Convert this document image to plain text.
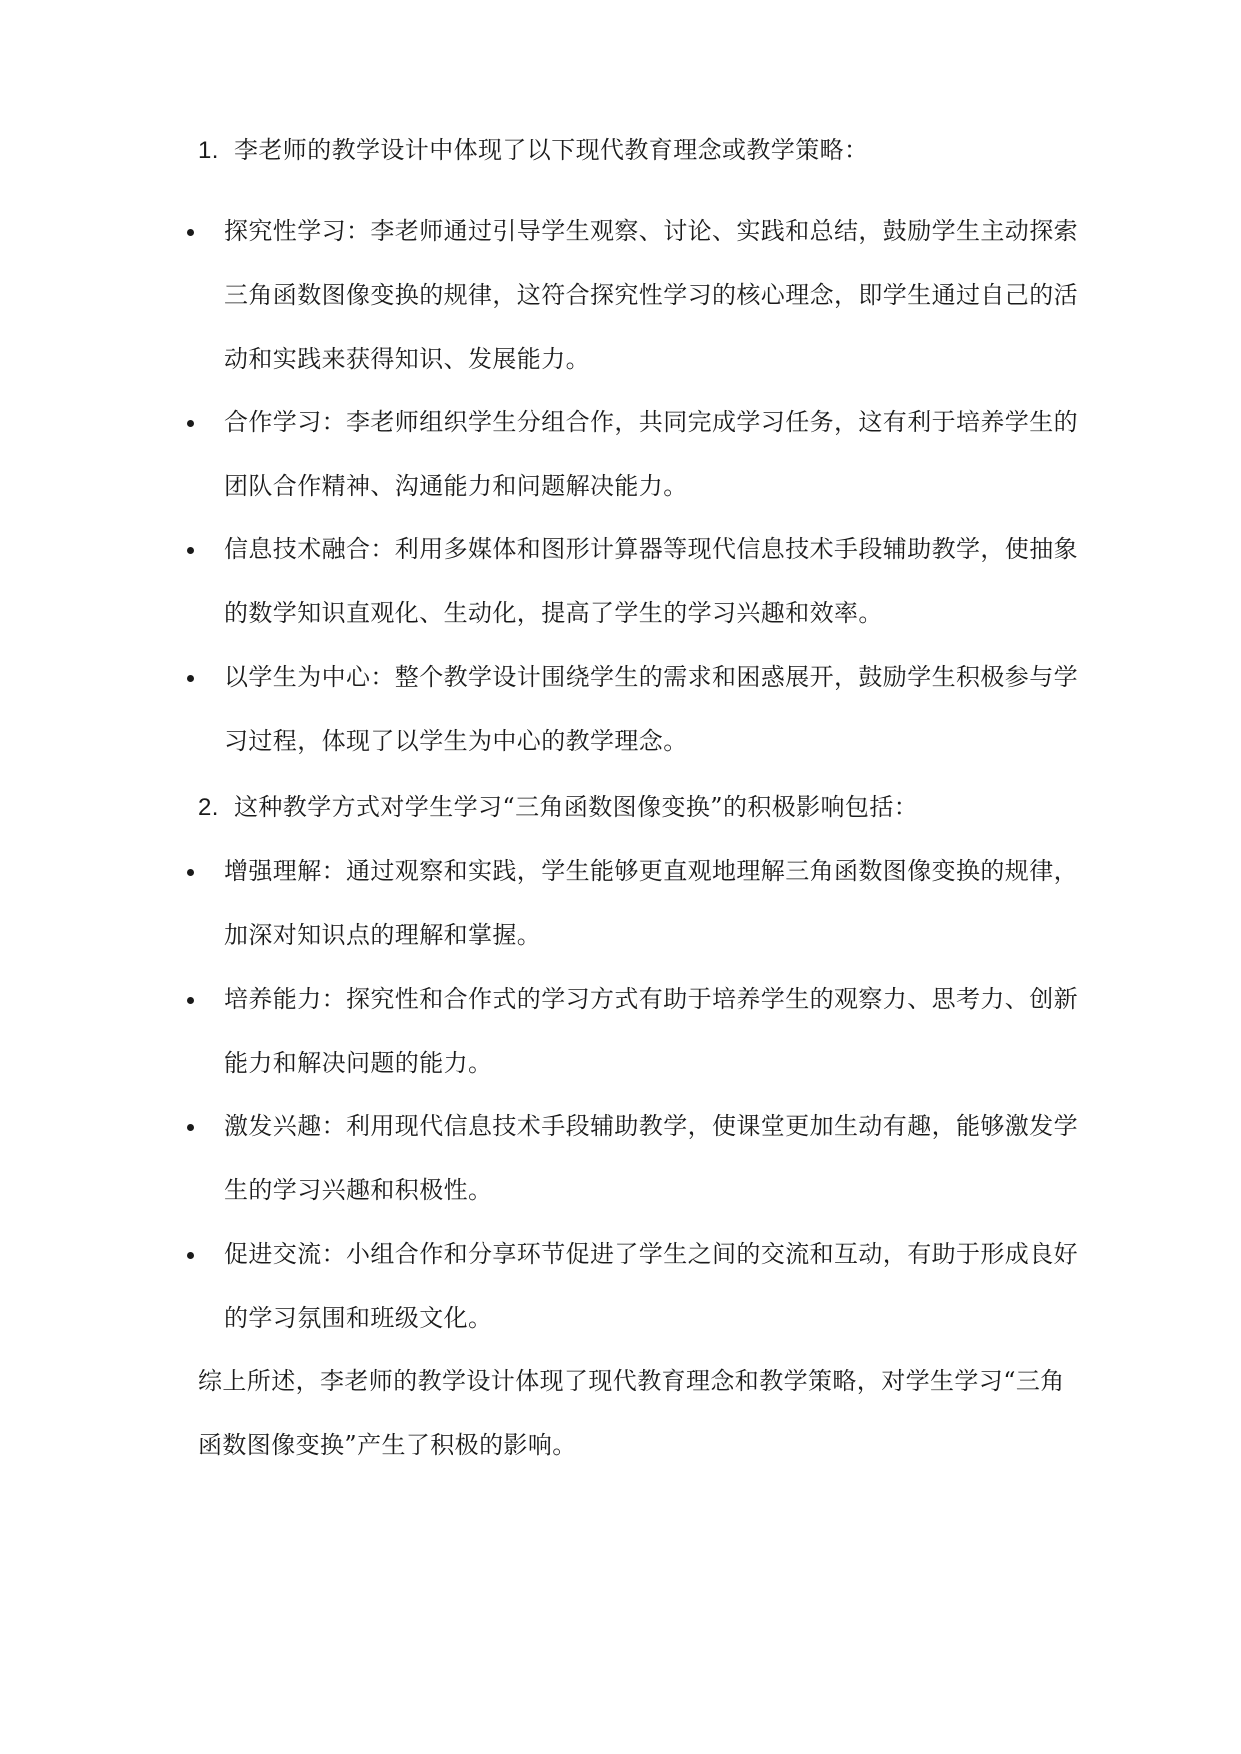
1. 李老师的教学设计中体现了以下现代教育理念或教学策略：
探究性学习：李老师通过引导学生观察、讨论、实践和总结，鼓励学生主动探索
三角函数图像变换的规律，这符合探究性学习的核心理念，即学生通过自己的活
动和实践来获得知识、发展能力。
合作学习：李老师组织学生分组合作，共同完成学习任务，这有利于培养学生的
团队合作精神、沟通能力和问题解决能力。
信息技术融合：利用多媒体和图形计算器等现代信息技术手段辅助教学，使抽象
的数学知识直观化、生动化，提高了学生的学习兴趣和效率。
以学生为中心：整个教学设计围绕学生的需求和困惑展开，鼓励学生积极参与学
习过程，体现了以学生为中心的教学理念。
2. 这种教学方式对学生学习“三角函数图像变换”的积极影响包括：
增强理解：通过观察和实践，学生能够更直观地理解三角函数图像变换的规律，
加深对知识点的理解和掌握。
培养能力：探究性和合作式的学习方式有助于培养学生的观察力、思考力、创新
能力和解决问题的能力。
激发兴趣：利用现代信息技术手段辅助教学，使课堂更加生动有趣，能够激发学
生的学习兴趣和积极性。
促进交流：小组合作和分享环节促进了学生之间的交流和互动，有助于形成良好
的学习氛围和班级文化。
综上所述，李老师的教学设计体现了现代教育理念和教学策略，对学生学习“三角
函数图像变换”产生了积极的影响。
